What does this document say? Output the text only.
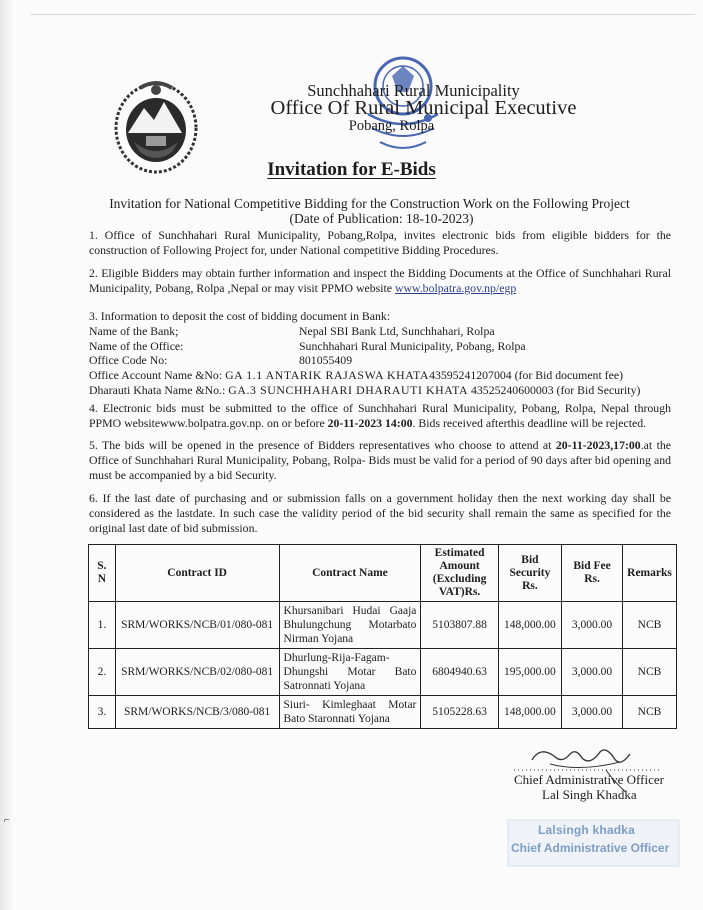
Sunchhahari Rural Municipality
Office Of Rural Municipal Executive
Pobang, Rolpa
Invitation for E-Bids
Invitation for National Competitive Bidding for the Construction Work on the Following Project
(Date of Publication: 18-10-2023)
1. Office of Sunchhahari Rural Municipality, Pobang,Rolpa, invites electronic bids from eligible bidders for the construction of Following Project for, under National competitive Bidding Procedures.
2. Eligible Bidders may obtain further information and inspect the Bidding Documents at the Office of Sunchhahari Rural Municipality, Pobang, Rolpa ,Nepal or may visit PPMO website www.bolpatra.gov.np/egp
3. Information to deposit the cost of bidding document in Bank:
Name of the Bank;	Nepal SBI Bank Ltd, Sunchhahari, Rolpa
Name of the Office:	Sunchhahari Rural Municipality, Pobang, Rolpa
Office Code No:	801055409
Office Account Name &No: GA 1.1 ANTARIK RAJASWA KHATA43595241207004 (for Bid document fee)
Dharauti Khata Name &No.: GA.3 SUNCHHAHARI DHARAUTI KHATA 43525240600003 (for Bid Security)
4. Electronic bids must be submitted to the office of Sunchhahari Rural Municipality, Pobang, Rolpa, Nepal through PPMO websitewww.bolpatra.gov.np. on or before 20-11-2023 14:00. Bids received afterthis deadline will be rejected.
5. The bids will be opened in the presence of Bidders representatives who choose to attend at 20-11-2023,17:00.at the Office of Sunchhahari Rural Municipality, Pobang, Rolpa- Bids must be valid for a period of 90 days after bid opening and must be accompanied by a bid Security.
6. If the last date of purchasing and or submission falls on a government holiday then the next working day shall be considered as the lastdate. In such case the validity period of the bid security shall remain the same as specified for the original last date of bid submission.
S. N	Contract ID	Contract Name	Estimated Amount (Excluding VAT)Rs.	Bid Security Rs.	Bid Fee Rs.	Remarks
1.	SRM/WORKS/NCB/01/080-081	Khursanibari Hudai Gaaja Bhulungchung Motarbato Nirman Yojana	5103807.88	148,000.00	3,000.00	NCB
2.	SRM/WORKS/NCB/02/080-081	Dhurlung-Rija-Fagam-Dhungshi Motar Bato Satronnati Yojana	6804940.63	195,000.00	3,000.00	NCB
3.	SRM/WORKS/NCB/3/080-081	Siuri- Kimleghaat Motar Bato Staronnati Yojana	5105228.63	148,000.00	3,000.00	NCB
Chief Administrative Officer
Lal Singh Khadka
Lalsingh khadka
Chief Administrative Officer
⌐
